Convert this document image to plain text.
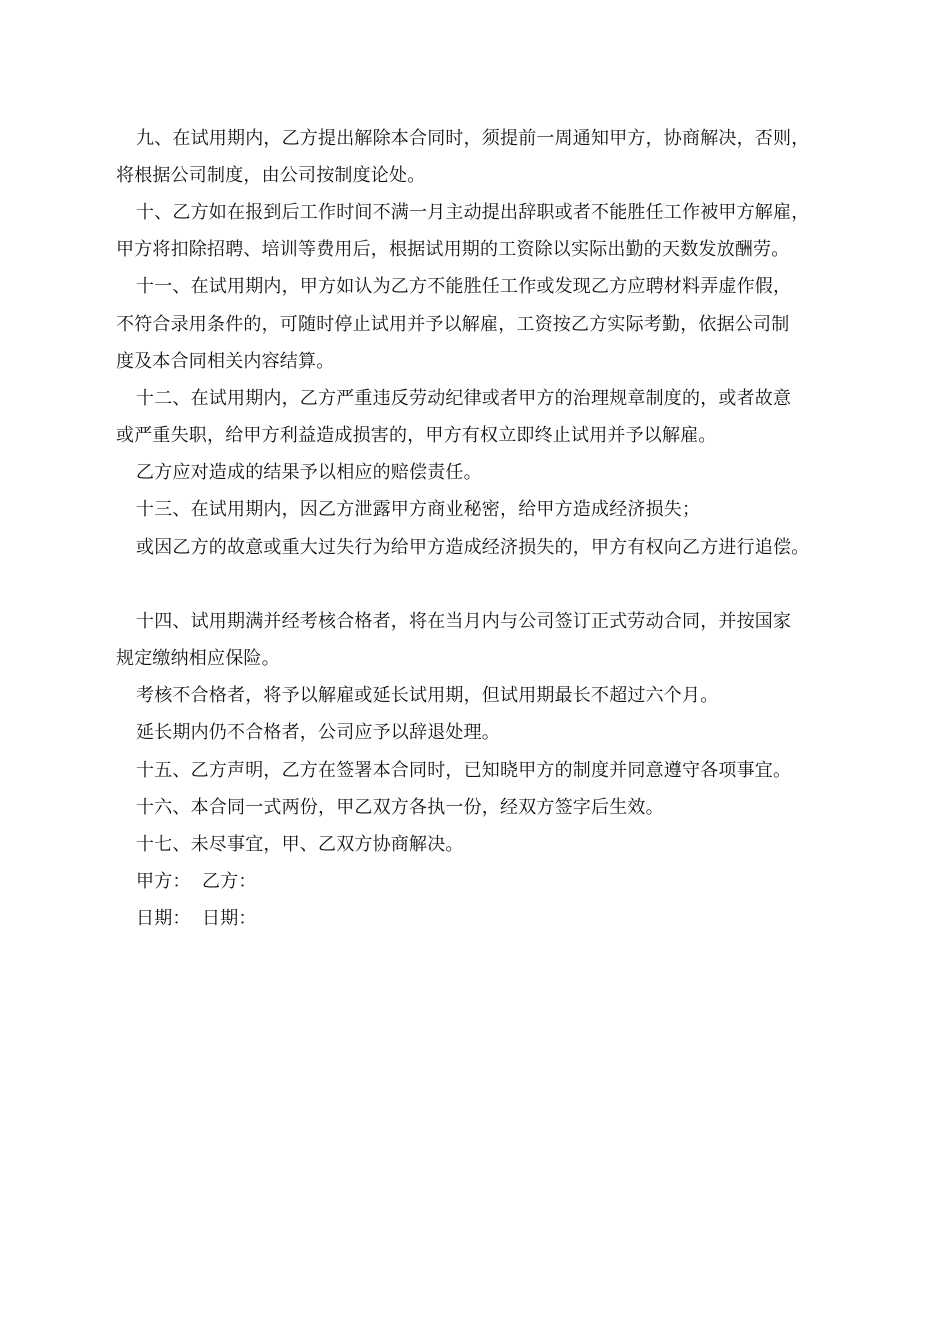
九、在试用期内，乙方提出解除本合同时，须提前一周通知甲方，协商解决，否则，
将根据公司制度，由公司按制度论处。
十、乙方如在报到后工作时间不满一月主动提出辞职或者不能胜任工作被甲方解雇，
甲方将扣除招聘、培训等费用后，根据试用期的工资除以实际出勤的天数发放酬劳。
十一、在试用期内，甲方如认为乙方不能胜任工作或发现乙方应聘材料弄虚作假，
不符合录用条件的，可随时停止试用并予以解雇，工资按乙方实际考勤，依据公司制
度及本合同相关内容结算。
十二、在试用期内，乙方严重违反劳动纪律或者甲方的治理规章制度的，或者故意
或严重失职，给甲方利益造成损害的，甲方有权立即终止试用并予以解雇。
乙方应对造成的结果予以相应的赔偿责任。
十三、在试用期内，因乙方泄露甲方商业秘密，给甲方造成经济损失；
或因乙方的故意或重大过失行为给甲方造成经济损失的，甲方有权向乙方进行追偿。
十四、试用期满并经考核合格者，将在当月内与公司签订正式劳动合同，并按国家
规定缴纳相应保险。
考核不合格者，将予以解雇或延长试用期，但试用期最长不超过六个月。
延长期内仍不合格者，公司应予以辞退处理。
十五、乙方声明，乙方在签署本合同时，已知晓甲方的制度并同意遵守各项事宜。
十六、本合同一式两份，甲乙双方各执一份，经双方签字后生效。
十七、未尽事宜，甲、乙双方协商解决。
甲方： 乙方：
日期： 日期：
